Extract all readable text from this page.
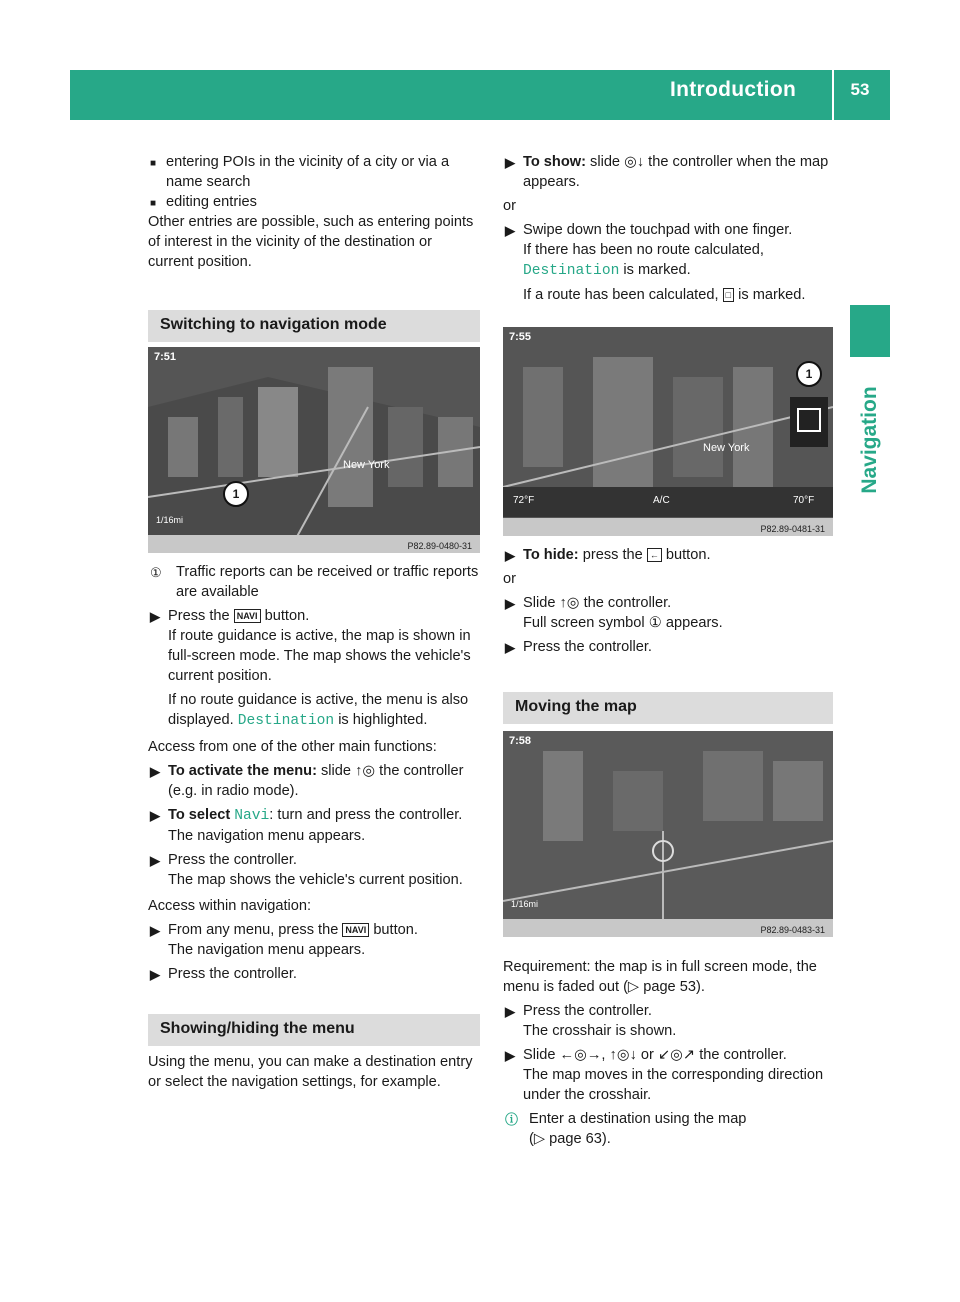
Introduction	53
Navigation
■ entering POIs in the vicinity of a city or via a name search
■ editing entries
Other entries are possible, such as entering points of interest in the vicinity of the destination or current position.
Switching to navigation mode
7:51
New York
1/16mi
1
P82.89-0480-31
① Traffic reports can be received or traffic reports are available
▶ Press the NAVI button.
If route guidance is active, the map is shown in full-screen mode. The map shows the vehicle's current position.
If no route guidance is active, the menu is also displayed. Destination is highlighted.
Access from one of the other main functions:
▶ To activate the menu: slide ↑◎ the controller (e.g. in radio mode).
▶ To select Navi: turn and press the controller.
The navigation menu appears.
▶ Press the controller.
The map shows the vehicle's current position.
Access within navigation:
▶ From any menu, press the NAVI button.
The navigation menu appears.
▶ Press the controller.
Showing/hiding the menu
Using the menu, you can make a destination entry or select the navigation settings, for example.
▶ To show: slide ◎↓ the controller when the map appears.
or
▶ Swipe down the touchpad with one finger.
If there has been no route calculated, Destination is marked.
If a route has been calculated, □ is marked.
7:55
New York
72°F	A/C	70°F
1
P82.89-0481-31
▶ To hide: press the ← button.
or
▶ Slide ↑◎ the controller.
Full screen symbol ① appears.
▶ Press the controller.
Moving the map
7:58
1/16mi
P82.89-0483-31
Requirement: the map is in full screen mode, the menu is faded out (▷ page 53).
▶ Press the controller.
The crosshair is shown.
▶ Slide ←◎→, ↑◎↓ or ↙◎↗ the controller.
The map moves in the corresponding direction under the crosshair.
ⓘ Enter a destination using the map
(▷ page 63).
